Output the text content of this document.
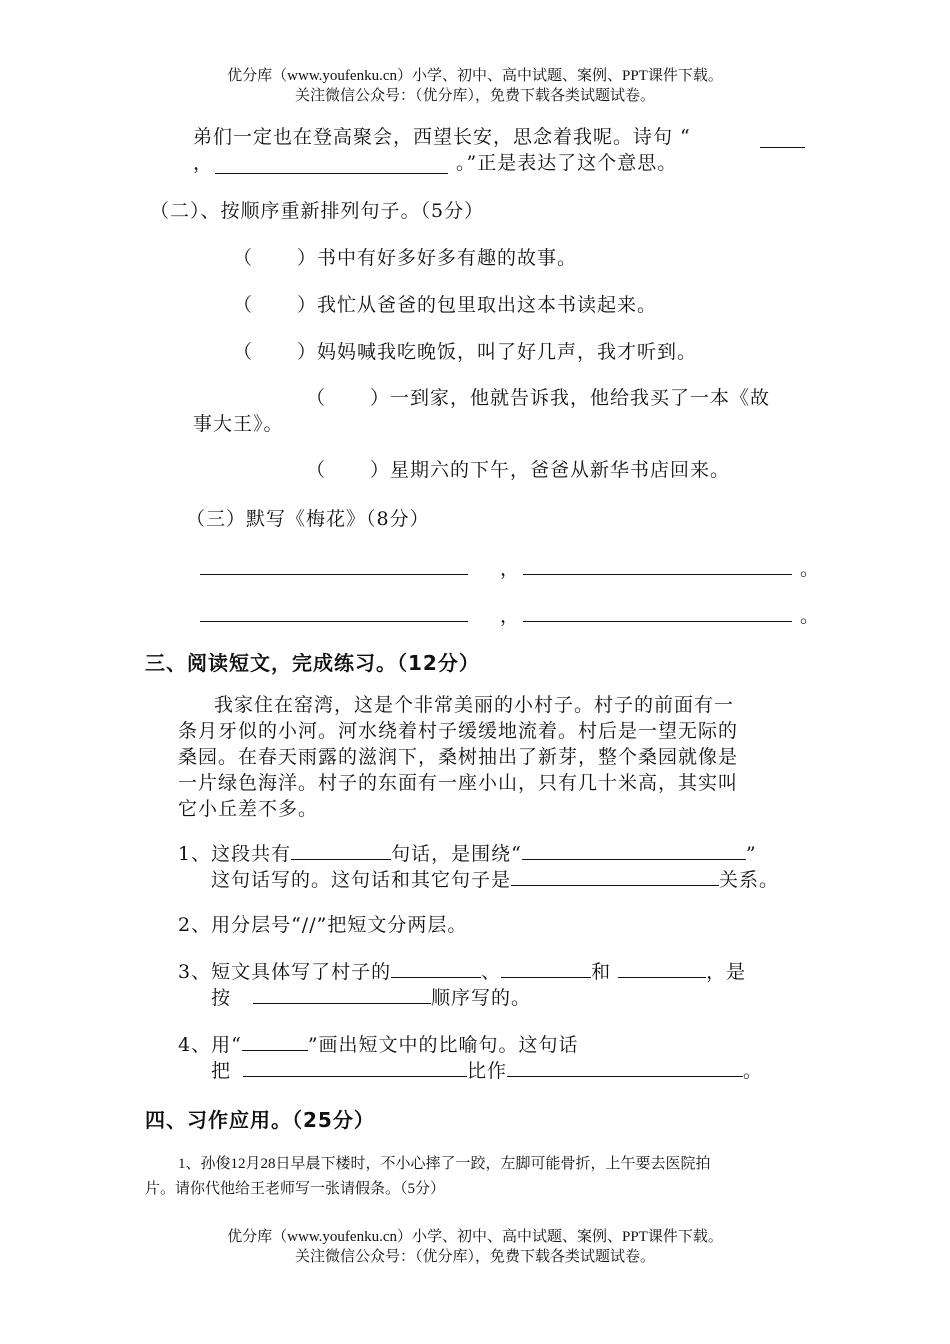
优分库（www.youfenku.cn）小学、初中、高中试题、案例、PPT课件下载。
关注微信公众号：（优分库），免费下载各类试题试卷。
弟们一定也在登高聚会，西望长安，思念着我呢。诗句 “
，	。”正是表达了这个意思。
（二）、按顺序重新排列句子。（5分）
（ ）书中有好多好多有趣的故事。
（ ）我忙从爸爸的包里取出这本书读起来。
（ ）妈妈喊我吃晚饭，叫了好几声，我才听到。
（ ）一到家，他就告诉我，他给我买了一本《故
事大王》。
（ ）星期六的下午，爸爸从新华书店回来。
（三）默写《梅花》（8分）
，	。
，	。
三、阅读短文，完成练习。（12分）
我家住在窑湾，这是个非常美丽的小村子。村子的前面有一
条月牙似的小河。河水绕着村子缓缓地流着。村后是一望无际的
桑园。在春天雨露的滋润下，桑树抽出了新芽，整个桑园就像是
一片绿色海洋。村子的东面有一座小山，只有几十米高，其实叫
它小丘差不多。
1、这段共有	句话，是围绕“	”
这句话写的。这句话和其它句子是	关系。
2、用分层号“//”把短文分两层。
3、短文具体写了村子的	、	和	，是
按	顺序写的。
4、用“	”画出短文中的比喻句。这句话
把	比作	。
四、习作应用。（25分）
1、孙俊12月28日早晨下楼时，不小心摔了一跤，左脚可能骨折，上午要去医院拍
片。请你代他给王老师写一张请假条。（5分）
优分库（www.youfenku.cn）小学、初中、高中试题、案例、PPT课件下载。
关注微信公众号：（优分库），免费下载各类试题试卷。
